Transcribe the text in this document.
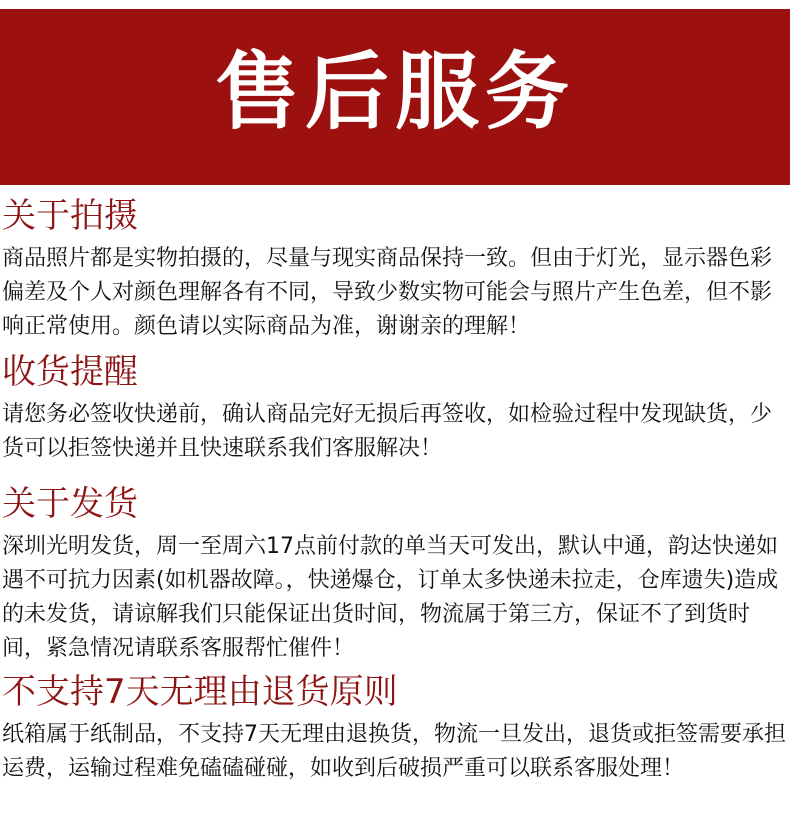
售后服务
关于拍摄

商品照片都是实物拍摄的，尽量与现实商品保持一致。但由于灯光，显示器色彩偏差及个人对颜色理解各有不同，导致少数实物可能会与照片产生色差，但不影响正常使用。颜色请以实际商品为准，谢谢亲的理解！

收货提醒

请您务必签收快递前，确认商品完好无损后再签收，如检验过程中发现缺货，少货可以拒签快递并且快速联系我们客服解决！

关于发货

深圳光明发货，周一至周六17点前付款的单当天可发出，默认中通，韵达快递如遇不可抗力因素(如机器故障。，快递爆仓，订单太多快递未拉走，仓库遗失)造成的未发货，请谅解我们只能保证出货时间，物流属于第三方，保证不了到货时间，紧急情况请联系客服帮忙催件！

不支持7天无理由退货原则

纸箱属于纸制品，不支持7天无理由退换货，物流一旦发出，退货或拒签需要承担运费，运输过程难免磕磕碰碰，如收到后破损严重可以联系客服处理！
